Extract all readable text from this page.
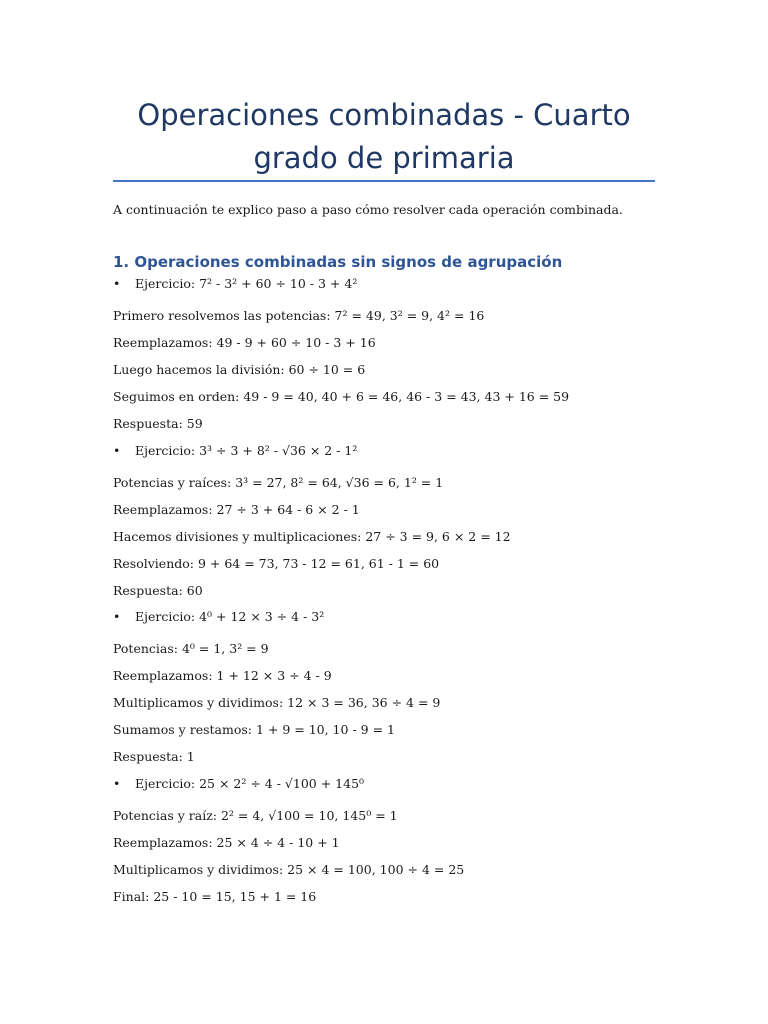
Operaciones combinadas - Cuarto grado de primaria

A continuación te explico paso a paso cómo resolver cada operación combinada.

1. Operaciones combinadas sin signos de agrupación

• Ejercicio: 7² - 3² + 60 ÷ 10 - 3 + 4²

Primero resolvemos las potencias: 7² = 49, 3² = 9, 4² = 16

Reemplazamos: 49 - 9 + 60 ÷ 10 - 3 + 16

Luego hacemos la división: 60 ÷ 10 = 6

Seguimos en orden: 49 - 9 = 40, 40 + 6 = 46, 46 - 3 = 43, 43 + 16 = 59

Respuesta: 59

• Ejercicio: 3³ ÷ 3 + 8² - √36 × 2 - 1²

Potencias y raíces: 3³ = 27, 8² = 64, √36 = 6, 1² = 1

Reemplazamos: 27 ÷ 3 + 64 - 6 × 2 - 1

Hacemos divisiones y multiplicaciones: 27 ÷ 3 = 9, 6 × 2 = 12

Resolviendo: 9 + 64 = 73, 73 - 12 = 61, 61 - 1 = 60

Respuesta: 60

• Ejercicio: 4⁰ + 12 × 3 ÷ 4 - 3²

Potencias: 4⁰ = 1, 3² = 9

Reemplazamos: 1 + 12 × 3 ÷ 4 - 9

Multiplicamos y dividimos: 12 × 3 = 36, 36 ÷ 4 = 9

Sumamos y restamos: 1 + 9 = 10, 10 - 9 = 1

Respuesta: 1

• Ejercicio: 25 × 2² ÷ 4 - √100 + 145⁰

Potencias y raíz: 2² = 4, √100 = 10, 145⁰ = 1

Reemplazamos: 25 × 4 ÷ 4 - 10 + 1

Multiplicamos y dividimos: 25 × 4 = 100, 100 ÷ 4 = 25

Final: 25 - 10 = 15, 15 + 1 = 16
